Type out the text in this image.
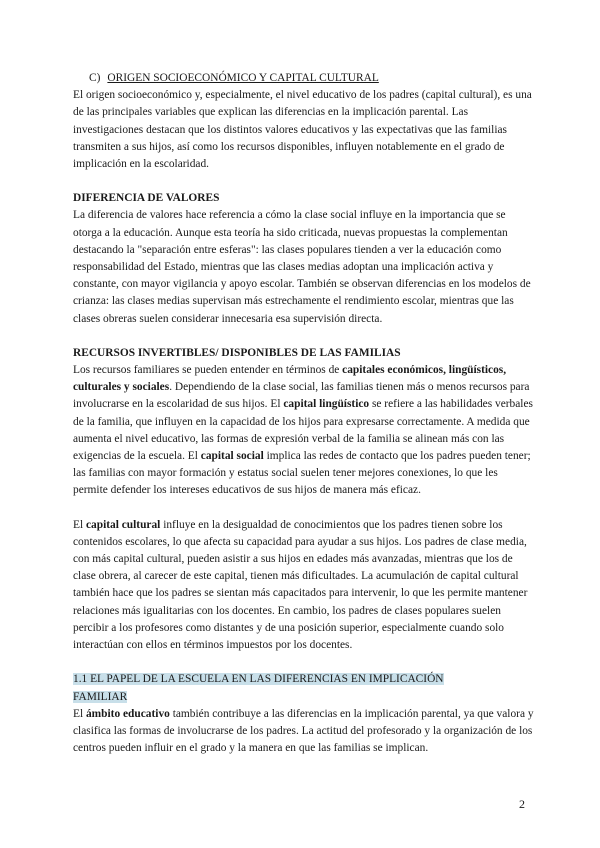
C) ORIGEN SOCIOECONÓMICO Y CAPITAL CULTURAL

El origen socioeconómico y, especialmente, el nivel educativo de los padres (capital cultural), es una de las principales variables que explican las diferencias en la implicación parental. Las investigaciones destacan que los distintos valores educativos y las expectativas que las familias transmiten a sus hijos, así como los recursos disponibles, influyen notablemente en el grado de implicación en la escolaridad.

DIFERENCIA DE VALORES

La diferencia de valores hace referencia a cómo la clase social influye en la importancia que se otorga a la educación. Aunque esta teoría ha sido criticada, nuevas propuestas la complementan destacando la "separación entre esferas": las clases populares tienden a ver la educación como responsabilidad del Estado, mientras que las clases medias adoptan una implicación activa y constante, con mayor vigilancia y apoyo escolar. También se observan diferencias en los modelos de crianza: las clases medias supervisan más estrechamente el rendimiento escolar, mientras que las clases obreras suelen considerar innecesaria esa supervisión directa.

RECURSOS INVERTIBLES/ DISPONIBLES DE LAS FAMILIAS

Los recursos familiares se pueden entender en términos de capitales económicos, lingüísticos, culturales y sociales. Dependiendo de la clase social, las familias tienen más o menos recursos para involucrarse en la escolaridad de sus hijos. El capital lingüístico se refiere a las habilidades verbales de la familia, que influyen en la capacidad de los hijos para expresarse correctamente. A medida que aumenta el nivel educativo, las formas de expresión verbal de la familia se alinean más con las exigencias de la escuela. El capital social implica las redes de contacto que los padres pueden tener; las familias con mayor formación y estatus social suelen tener mejores conexiones, lo que les permite defender los intereses educativos de sus hijos de manera más eficaz.

El capital cultural influye en la desigualdad de conocimientos que los padres tienen sobre los contenidos escolares, lo que afecta su capacidad para ayudar a sus hijos. Los padres de clase media, con más capital cultural, pueden asistir a sus hijos en edades más avanzadas, mientras que los de clase obrera, al carecer de este capital, tienen más dificultades. La acumulación de capital cultural también hace que los padres se sientan más capacitados para intervenir, lo que les permite mantener relaciones más igualitarias con los docentes. En cambio, los padres de clases populares suelen percibir a los profesores como distantes y de una posición superior, especialmente cuando solo interactúan con ellos en términos impuestos por los docentes.

1.1 EL PAPEL DE LA ESCUELA EN LAS DIFERENCIAS EN IMPLICACIÓN
FAMILIAR

El ámbito educativo también contribuye a las diferencias en la implicación parental, ya que valora y clasifica las formas de involucrarse de los padres. La actitud del profesorado y la organización de los centros pueden influir en el grado y la manera en que las familias se implican.

2
